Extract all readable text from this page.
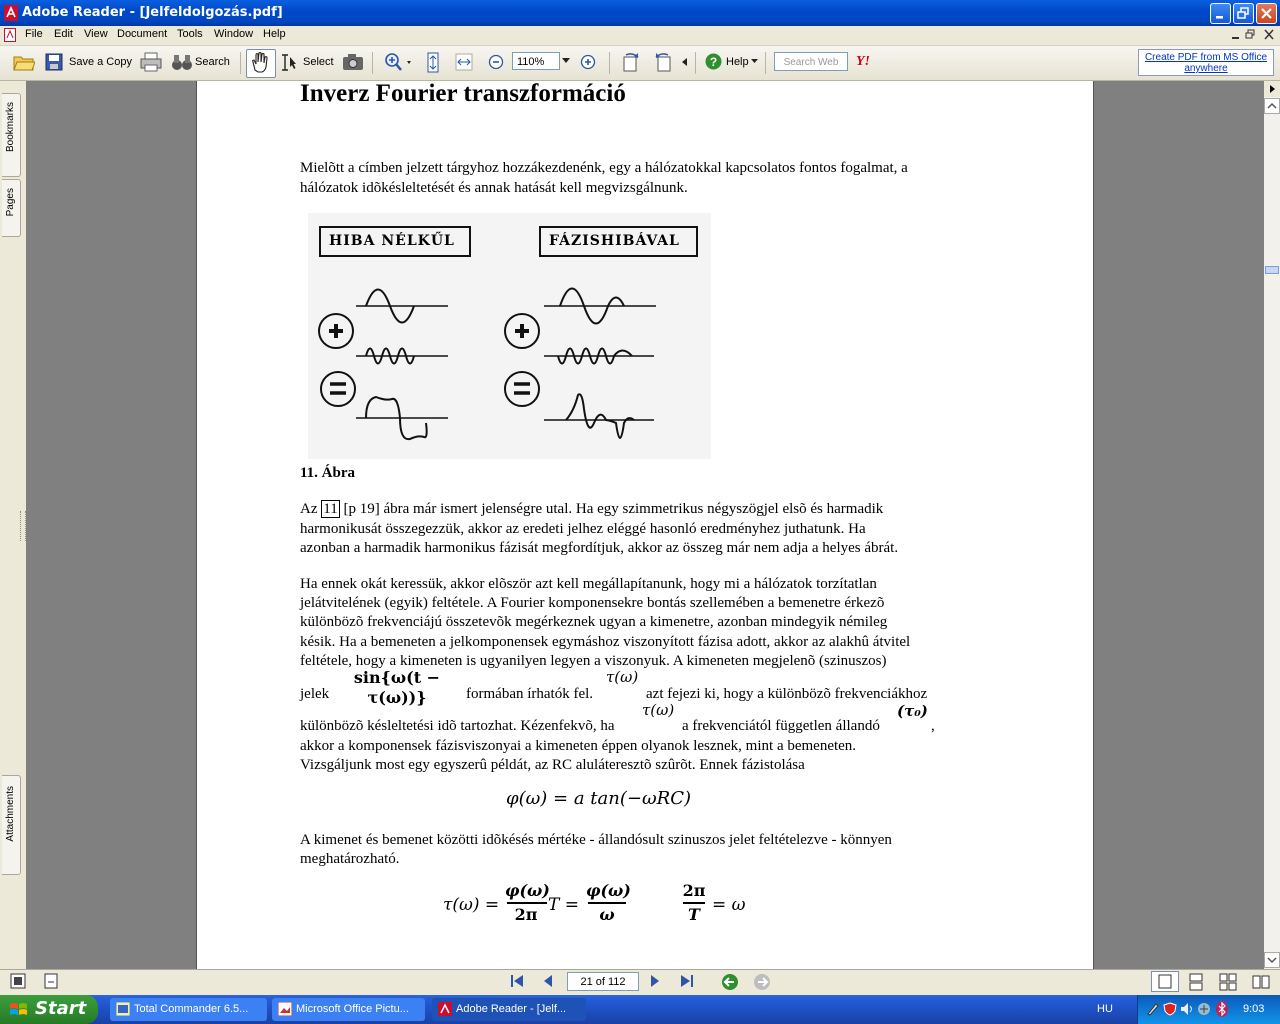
Adobe Reader - [Jelfeldolgozás.pdf]
File Edit View Document Tools Window Help
Save a Copy	Search	Select	110%	? Help	Search Web	Y!	Create PDF from MS Office
anywhere
Bookmarks
Pages
Attachments
Inverz Fourier transzformáció
Mielõtt a címben jelzett tárgyhoz hozzákezdenénk, egy a hálózatokkal kapcsolatos fontos fogalmat, a
hálózatok idõkésleltetését és annak hatását kell megvizsgálnunk.
HIBA NÉLKŰL	FÁZISHIBÁVAL
11. Ábra
Az 11 [p 19] ábra már ismert jelenségre utal. Ha egy szimmetrikus négyszögjel elsõ és harmadik
harmonikusát összegezzük, akkor az eredeti jelhez eléggé hasonló eredményhez juthatunk. Ha
azonban a harmadik harmonikus fázisát megfordítjuk, akkor az összeg már nem adja a helyes ábrát.
Ha ennek okát keressük, akkor elõször azt kell megállapítanunk, hogy mi a hálózatok torzítatlan
jelátvitelének (egyik) feltétele. A Fourier komponensekre bontás szellemében a bemenetre érkezõ
különbözõ frekvenciájú összetevõk megérkeznek ugyan a kimenetre, azonban mindegyik némileg
késik. Ha a bemeneten a jelkomponensek egymáshoz viszonyított fázisa adott, akkor az alakhû átvitel
feltétele, hogy a kimeneten is ugyanilyen legyen a viszonyuk. A kimeneten megjelenõ (szinuszos)
jelek
sin{ω(t − τ(ω))}	formában írhatók fel.
τ(ω)
azt fejezi ki, hogy a különbözõ frekvenciákhoz
különbözõ késleltetési idõ tartozhat. Kézenfekvõ, ha
τ(ω)
a frekvenciától független állandó
(τ₀)
,
akkor a komponensek fázisviszonyai a kimeneten éppen olyanok lesznek, mint a bemeneten.
Vizsgáljunk most egy egyszerû példát, az RC aluláteresztõ szûrõt. Ennek fázistolása
φ(ω) = a tan(−ωRC)
A kimenet és bemenet közötti idõkésés mértéke - állandósult szinuszos jelet feltételezve - könnyen
meghatározható.
τ(ω) =
φ(ω)
2π T =
φ(ω)
ω
2π
T = ω
21 of 112
Start	Total Commander 6.5...	Microsoft Office Pictu...	Adobe Reader - [Jelf...	HU	9:03
